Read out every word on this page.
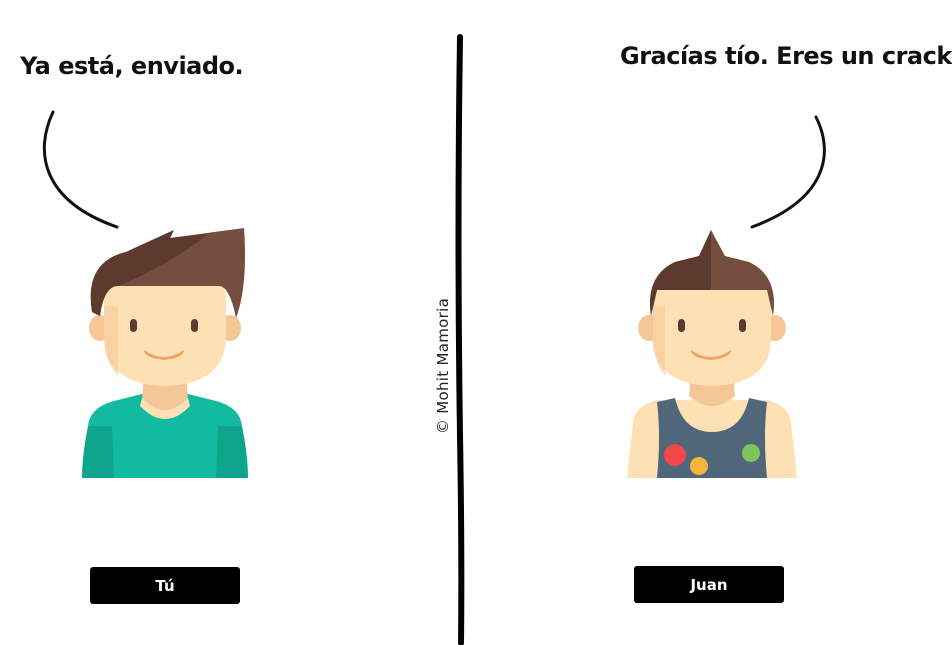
Ya está, enviado.	Gracías tío. Eres un crack
© Mohit Mamoria
Tú	Juan
